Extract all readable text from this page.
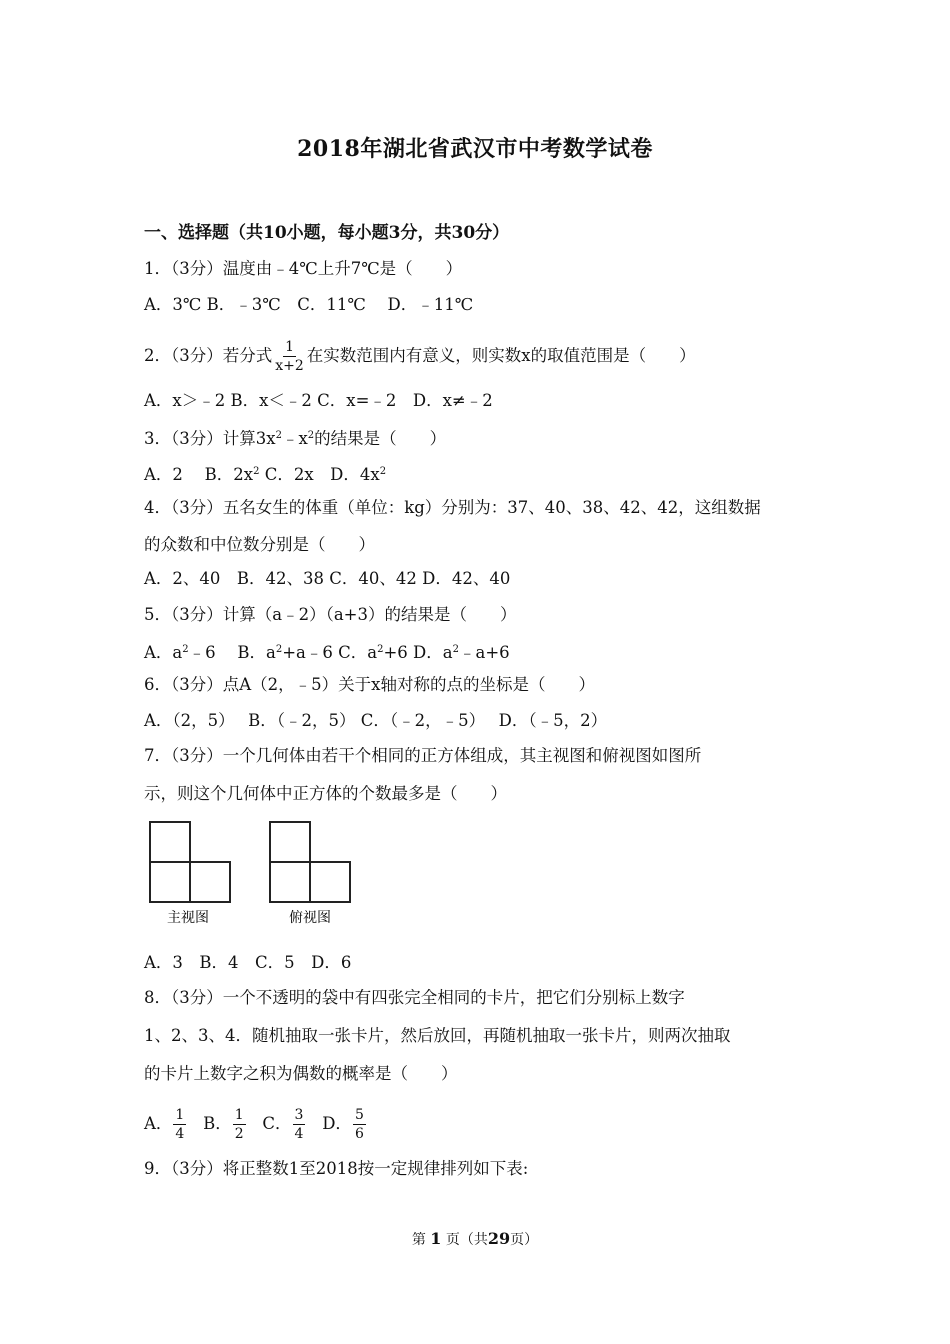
2018年湖北省武汉市中考数学试卷
一、选择题（共10小题，每小题3分，共30分）
1．（3分）温度由﹣4℃上升7℃是（　　）
A．3℃ B．﹣3℃　C．11℃　 D．﹣11℃
2．（3分）若分式 $\frac{1}{x+2}$ 在实数范围内有意义，则实数x的取值范围是（　　）
A．x＞﹣2 B．x＜﹣2 C．x=﹣2　D．x≠﹣2
3．（3分）计算$3x^2﹣x^2$的结果是（　　）
A．2　 B．$2x^2$ C．2x　D．$4x^2$
4．（3分）五名女生的体重（单位：kg）分别为：37、40、38、42、42，这组数据
的众数和中位数分别是（　　）
A．2、40　B．42、38 C．40、42 D．42、40
5．（3分）计算（a﹣2）（a+3）的结果是（　　）
A．$a^2﹣6$　 B．$a^2+a﹣6$ C．$a^2+6$ D．$a^2﹣a+6$
6．（3分）点A（2，﹣5）关于x轴对称的点的坐标是（　　）
A．（2，5）　 B．（﹣2，5） C．（﹣2，﹣5）　 D．（﹣5，2）
7．（3分）一个几何体由若干个相同的正方体组成，其主视图和俯视图如图所
示，则这个几何体中正方体的个数最多是（　　）
主视图	俯视图
A．3　B．4　C．5　D．6
8．（3分）一个不透明的袋中有四张完全相同的卡片，把它们分别标上数字
1、2、3、4．随机抽取一张卡片，然后放回，再随机抽取一张卡片，则两次抽取
的卡片上数字之积为偶数的概率是（　　）
A． $\frac{1}{4}$ B． $\frac{1}{2}$ C． $\frac{3}{4}$ D． $\frac{5}{6}$
9．（3分）将正整数1至2018按一定规律排列如下表:
第 1 页（共29页）
